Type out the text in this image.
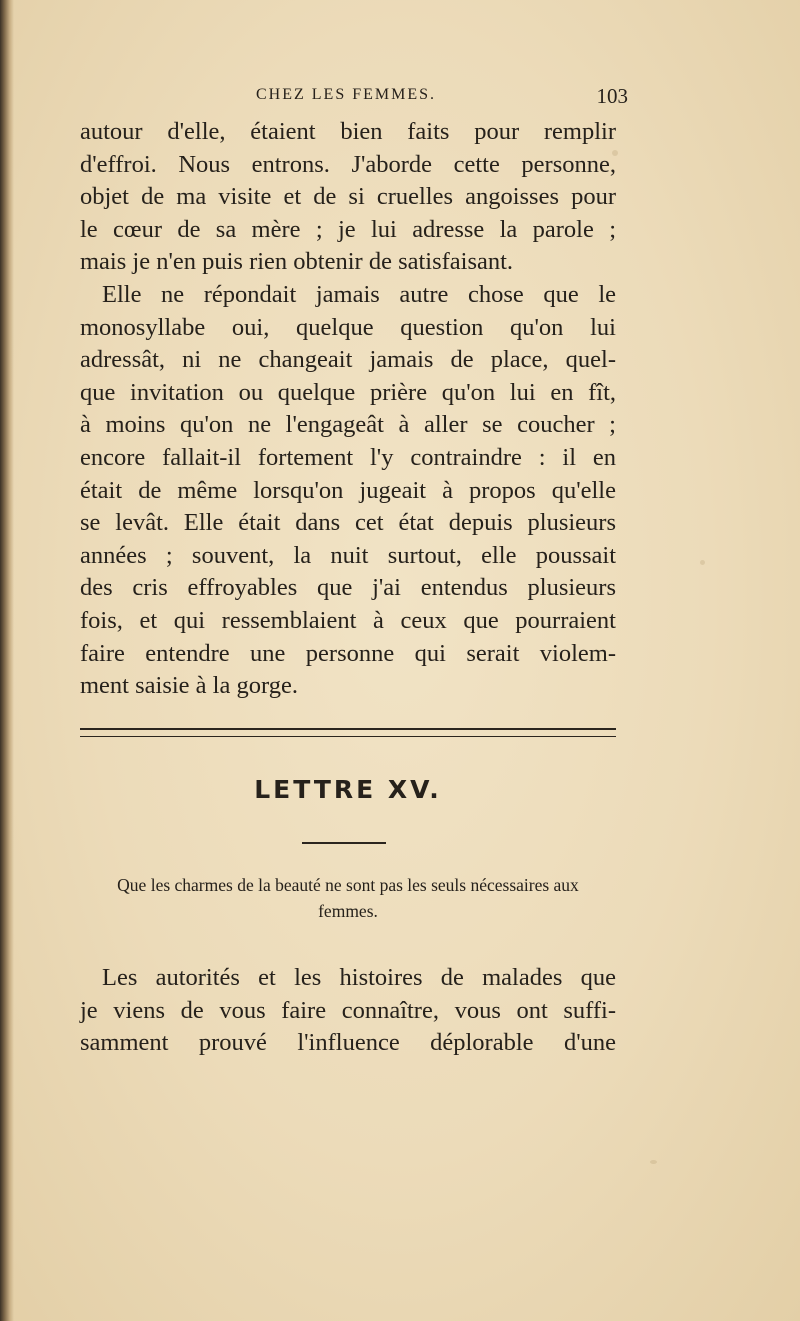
CHEZ LES FEMMES.	103
autour d'elle, étaient bien faits pour remplir
d'effroi. Nous entrons. J'aborde cette personne,
objet de ma visite et de si cruelles angoisses pour
le cœur de sa mère ; je lui adresse la parole ;
mais je n'en puis rien obtenir de satisfaisant.
Elle ne répondait jamais autre chose que le
monosyllabe oui, quelque question qu'on lui
adressât, ni ne changeait jamais de place, quel-
que invitation ou quelque prière qu'on lui en fît,
à moins qu'on ne l'engageât à aller se coucher ;
encore fallait-il fortement l'y contraindre : il en
était de même lorsqu'on jugeait à propos qu'elle
se levât. Elle était dans cet état depuis plusieurs
années ; souvent, la nuit surtout, elle poussait
des cris effroyables que j'ai entendus plusieurs
fois, et qui ressemblaient à ceux que pourraient
faire entendre une personne qui serait violem-
ment saisie à la gorge.
LETTRE XV.
Que les charmes de la beauté ne sont pas les seuls nécessaires aux
femmes.
Les autorités et les histoires de malades que
je viens de vous faire connaître, vous ont suffi-
samment prouvé l'influence déplorable d'une
